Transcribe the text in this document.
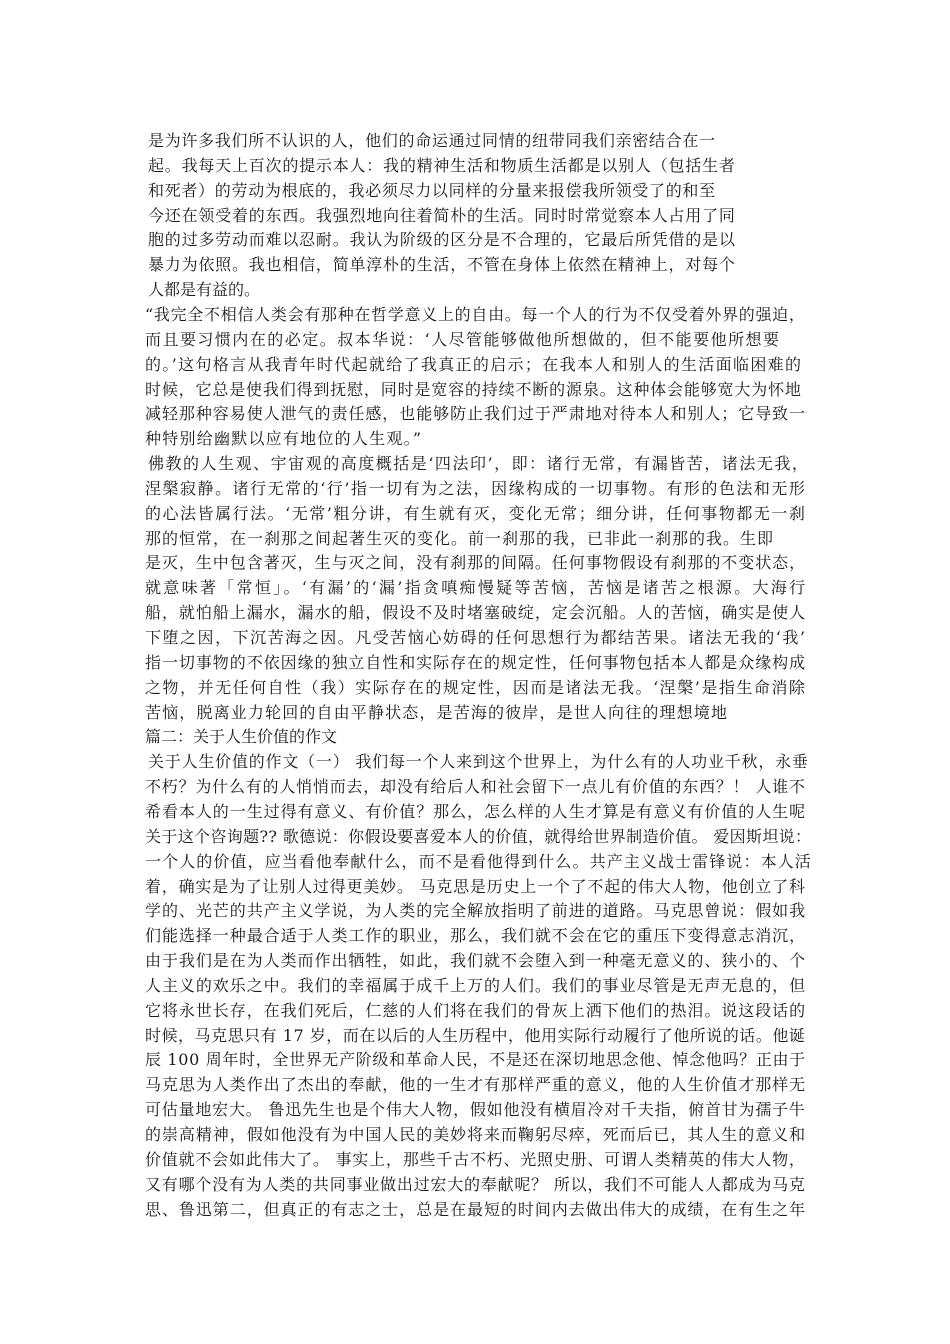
是为许多我们所不认识的人，他们的命运通过同情的纽带同我们亲密结合在一
起。我每天上百次的提示本人：我的精神生活和物质生活都是以别人（包括生者
和死者）的劳动为根底的，我必须尽力以同样的分量来报偿我所领受了的和至
今还在领受着的东西。我强烈地向往着简朴的生活。同时时常觉察本人占用了同
胞的过多劳动而难以忍耐。我认为阶级的区分是不合理的，它最后所凭借的是以
暴力为依照。我也相信，简单淳朴的生活，不管在身体上依然在精神上，对每个
人都是有益的。
“我完全不相信人类会有那种在哲学意义上的自由。每一个人的行为不仅受着外界的强迫，
而且要习惯内在的必定。叔本华说：‘人尽管能够做他所想做的，但不能要他所想要
的。’这句格言从我青年时代起就给了我真正的启示；在我本人和别人的生活面临困难的
时候，它总是使我们得到抚慰，同时是宽容的持续不断的源泉。这种体会能够宽大为怀地
减轻那种容易使人泄气的责任感，也能够防止我们过于严肃地对待本人和别人；它导致一
种特别给幽默以应有地位的人生观。”
佛教的人生观、宇宙观的高度概括是‘四法印’，即：诸行无常，有漏皆苦，诸法无我，
涅槃寂静。诸行无常的‘行’指一切有为之法，因缘构成的一切事物。有形的色法和无形
的心法皆属行法。‘无常’粗分讲，有生就有灭，变化无常；细分讲，任何事物都无一刹
那的恒常，在一刹那之间起著生灭的变化。前一刹那的我，已非此一刹那的我。生即
是灭，生中包含著灭，生与灭之间，没有刹那的间隔。任何事物假设有刹那的不变状态，
就意味著「常恒」。‘有漏’的‘漏’指贪嗔痴慢疑等苦恼，苦恼是诸苦之根源。大海行
船，就怕船上漏水，漏水的船，假设不及时堵塞破绽，定会沉船。人的苦恼，确实是使人
下堕之因，下沉苦海之因。凡受苦恼心妨碍的任何思想行为都结苦果。诸法无我的‘我’
指一切事物的不依因缘的独立自性和实际存在的规定性，任何事物包括本人都是众缘构成
之物，并无任何自性（我）实际存在的规定性，因而是诸法无我。‘涅槃’是指生命消除
苦恼，脱离业力轮回的自由平静状态，是苦海的彼岸，是世人向往的理想境地
篇二：关于人生价值的作文
关于人生价值的作文（一） 我们每一个人来到这个世界上，为什么有的人功业千秋，永垂
不朽？为什么有的人悄悄而去，却没有给后人和社会留下一点儿有价值的东西？！ 人谁不
希看本人的一生过得有意义、有价值？那么，怎么样的人生才算是有意义有价值的人生呢
关于这个咨询题?? 歌德说：你假设要喜爱本人的价值，就得给世界制造价值。 爱因斯坦说：
一个人的价值，应当看他奉献什么，而不是看他得到什么。共产主义战士雷锋说：本人活
着，确实是为了让别人过得更美妙。 马克思是历史上一个了不起的伟大人物，他创立了科
学的、光芒的共产主义学说，为人类的完全解放指明了前进的道路。马克思曾说：假如我
们能选择一种最合适于人类工作的职业，那么，我们就不会在它的重压下变得意志消沉，
由于我们是在为人类而作出牺牲，如此，我们就不会堕入到一种毫无意义的、狭小的、个
人主义的欢乐之中。我们的幸福属于成千上万的人们。我们的事业尽管是无声无息的，但
它将永世长存，在我们死后，仁慈的人们将在我们的骨灰上洒下他们的热泪。说这段话的
时候，马克思只有 17 岁，而在以后的人生历程中，他用实际行动履行了他所说的话。他诞
辰 100 周年时，全世界无产阶级和革命人民，不是还在深切地思念他、悼念他吗？正由于
马克思为人类作出了杰出的奉献，他的一生才有那样严重的意义，他的人生价值才那样无
可估量地宏大。 鲁迅先生也是个伟大人物，假如他没有横眉冷对千夫指，俯首甘为孺子牛
的崇高精神，假如他没有为中国人民的美妙将来而鞠躬尽瘁，死而后已，其人生的意义和
价值就不会如此伟大了。 事实上，那些千古不朽、光照史册、可谓人类精英的伟大人物，
又有哪个没有为人类的共同事业做出过宏大的奉献呢？ 所以，我们不可能人人都成为马克
思、鲁迅第二，但真正的有志之士，总是在最短的时间内去做出伟大的成绩，在有生之年
